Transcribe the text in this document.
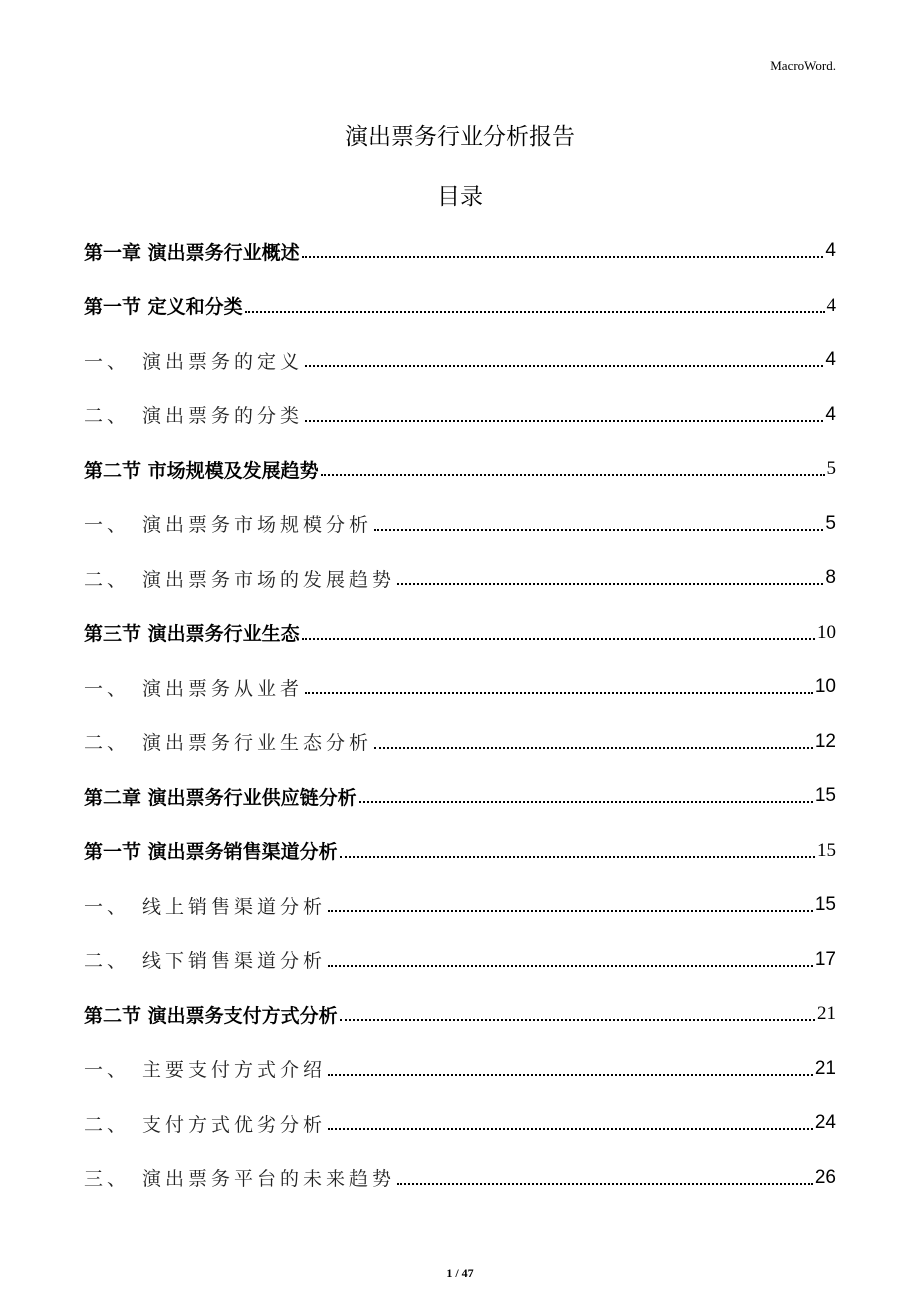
MacroWord.
演出票务行业分析报告
目录
第一章 演出票务行业概述	4
第一节 定义和分类	4
一、 演出票务的定义	4
二、 演出票务的分类	4
第二节 市场规模及发展趋势	5
一、 演出票务市场规模分析	5
二、 演出票务市场的发展趋势	8
第三节 演出票务行业生态	10
一、 演出票务从业者	10
二、 演出票务行业生态分析	12
第二章 演出票务行业供应链分析	15
第一节 演出票务销售渠道分析	15
一、 线上销售渠道分析	15
二、 线下销售渠道分析	17
第二节 演出票务支付方式分析	21
一、 主要支付方式介绍	21
二、 支付方式优劣分析	24
三、 演出票务平台的未来趋势	26
1 / 47
